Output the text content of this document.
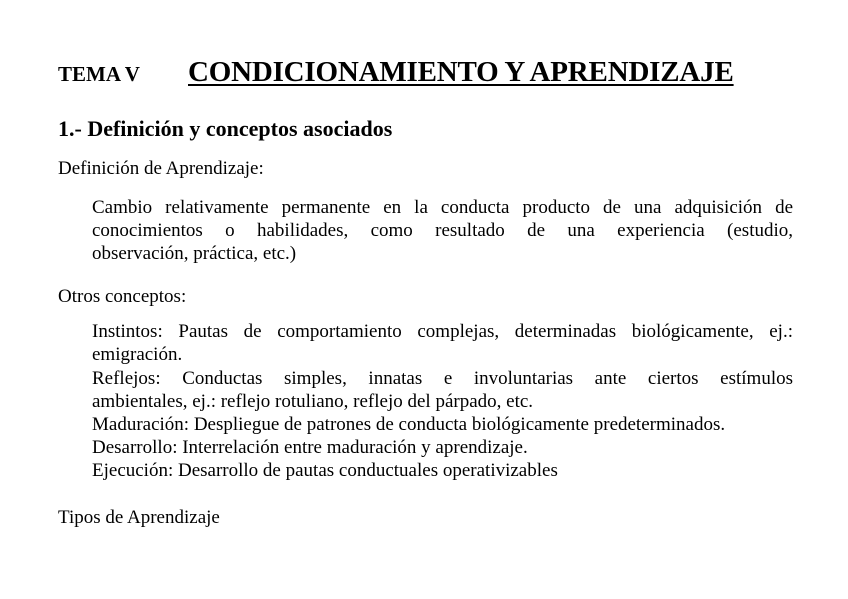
TEMA V CONDICIONAMIENTO Y APRENDIZAJE
1.- Definición y conceptos asociados
Definición de Aprendizaje:
Cambio relativamente permanente en la conducta producto de una adquisición de
conocimientos o habilidades, como resultado de una experiencia (estudio,
observación, práctica, etc.)
Otros conceptos:
Instintos: Pautas de comportamiento complejas, determinadas biológicamente, ej.:
emigración.
Reflejos: Conductas simples, innatas e involuntarias ante ciertos estímulos
ambientales, ej.: reflejo rotuliano, reflejo del párpado, etc.
Maduración: Despliegue de patrones de conducta biológicamente predeterminados.
Desarrollo: Interrelación entre maduración y aprendizaje.
Ejecución: Desarrollo de pautas conductuales operativizables
Tipos de Aprendizaje
